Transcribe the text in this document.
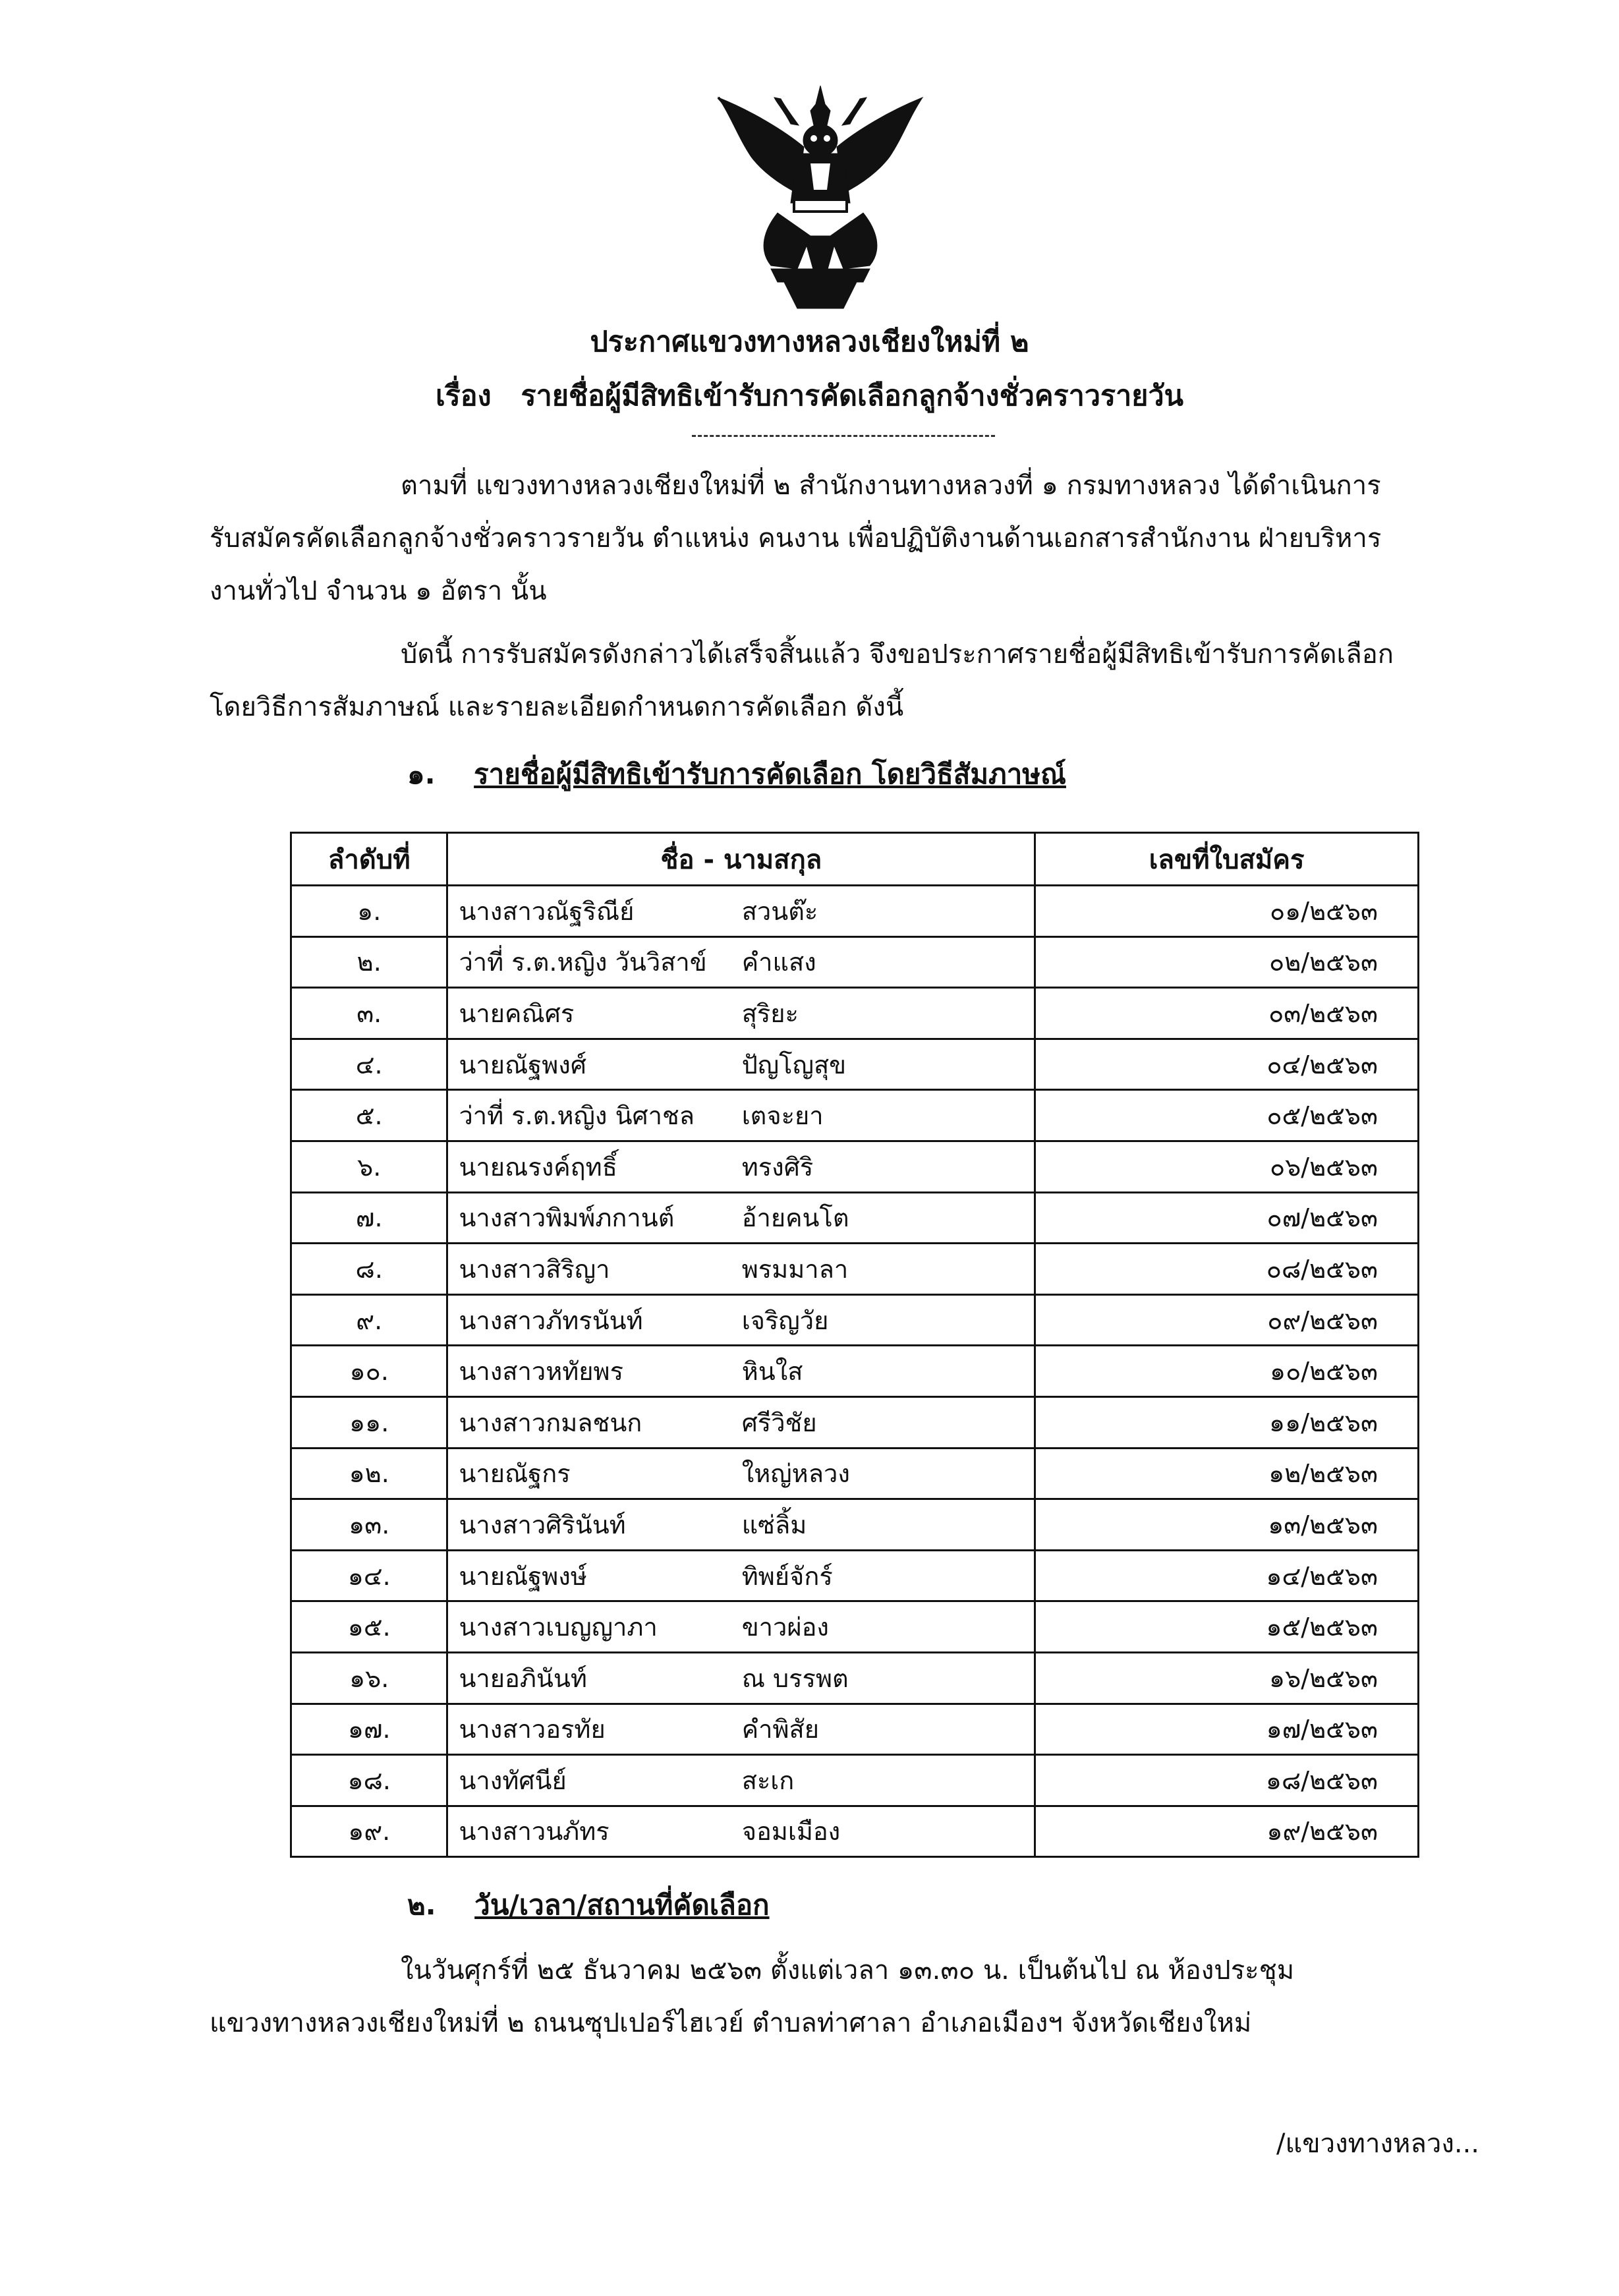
ประกาศแขวงทางหลวงเชียงใหม่ที่ ๒
เรื่อง รายชื่อผู้มีสิทธิเข้ารับการคัดเลือกลูกจ้างชั่วคราวรายวัน
ตามที่ แขวงทางหลวงเชียงใหม่ที่ ๒ สำนักงานทางหลวงที่ ๑ กรมทางหลวง ได้ดำเนินการ
รับสมัครคัดเลือกลูกจ้างชั่วคราวรายวัน ตำแหน่ง คนงาน เพื่อปฏิบัติงานด้านเอกสารสำนักงาน ฝ่ายบริหาร
งานทั่วไป จำนวน ๑ อัตรา นั้น
บัดนี้ การรับสมัครดังกล่าวได้เสร็จสิ้นแล้ว จึงขอประกาศรายชื่อผู้มีสิทธิเข้ารับการคัดเลือก
โดยวิธีการสัมภาษณ์ และรายละเอียดกำหนดการคัดเลือก ดังนี้
๑. รายชื่อผู้มีสิทธิเข้ารับการคัดเลือก โดยวิธีสัมภาษณ์
ลำดับที่	ชื่อ - นามสกุล		เลขที่ใบสมัคร
๑.	นางสาวณัฐริณีย์	สวนต๊ะ	๐๑/๒๕๖๓
๒.	ว่าที่ ร.ต.หญิง วันวิสาข์	คำแสง	๐๒/๒๕๖๓
๓.	นายคณิศร	สุริยะ	๐๓/๒๕๖๓
๔.	นายณัฐพงศ์	ปัญโญสุข	๐๔/๒๕๖๓
๕.	ว่าที่ ร.ต.หญิง นิศาชล	เตจะยา	๐๕/๒๕๖๓
๖.	นายณรงค์ฤทธิ์	ทรงศิริ	๐๖/๒๕๖๓
๗.	นางสาวพิมพ์ภกานต์	อ้ายคนโต	๐๗/๒๕๖๓
๘.	นางสาวสิริญา	พรมมาลา	๐๘/๒๕๖๓
๙.	นางสาวภัทรนันท์	เจริญวัย	๐๙/๒๕๖๓
๑๐.	นางสาวหทัยพร	หินใส	๑๐/๒๕๖๓
๑๑.	นางสาวกมลชนก	ศรีวิชัย	๑๑/๒๕๖๓
๑๒.	นายณัฐกร	ใหญ่หลวง	๑๒/๒๕๖๓
๑๓.	นางสาวศิรินันท์	แซ่ลิ้ม	๑๓/๒๕๖๓
๑๔.	นายณัฐพงษ์	ทิพย์จักร์	๑๔/๒๕๖๓
๑๕.	นางสาวเบญญาภา	ขาวผ่อง	๑๕/๒๕๖๓
๑๖.	นายอภินันท์	ณ บรรพต	๑๖/๒๕๖๓
๑๗.	นางสาวอรทัย	คำพิสัย	๑๗/๒๕๖๓
๑๘.	นางทัศนีย์	สะเก	๑๘/๒๕๖๓
๑๙.	นางสาวนภัทร	จอมเมือง	๑๙/๒๕๖๓
๒. วัน/เวลา/สถานที่คัดเลือก
ในวันศุกร์ที่ ๒๕ ธันวาคม ๒๕๖๓ ตั้งแต่เวลา ๑๓.๓๐ น. เป็นต้นไป ณ ห้องประชุม
แขวงทางหลวงเชียงใหม่ที่ ๒ ถนนซุปเปอร์ไฮเวย์ ตำบลท่าศาลา อำเภอเมืองฯ จังหวัดเชียงใหม่
/แขวงทางหลวง...
